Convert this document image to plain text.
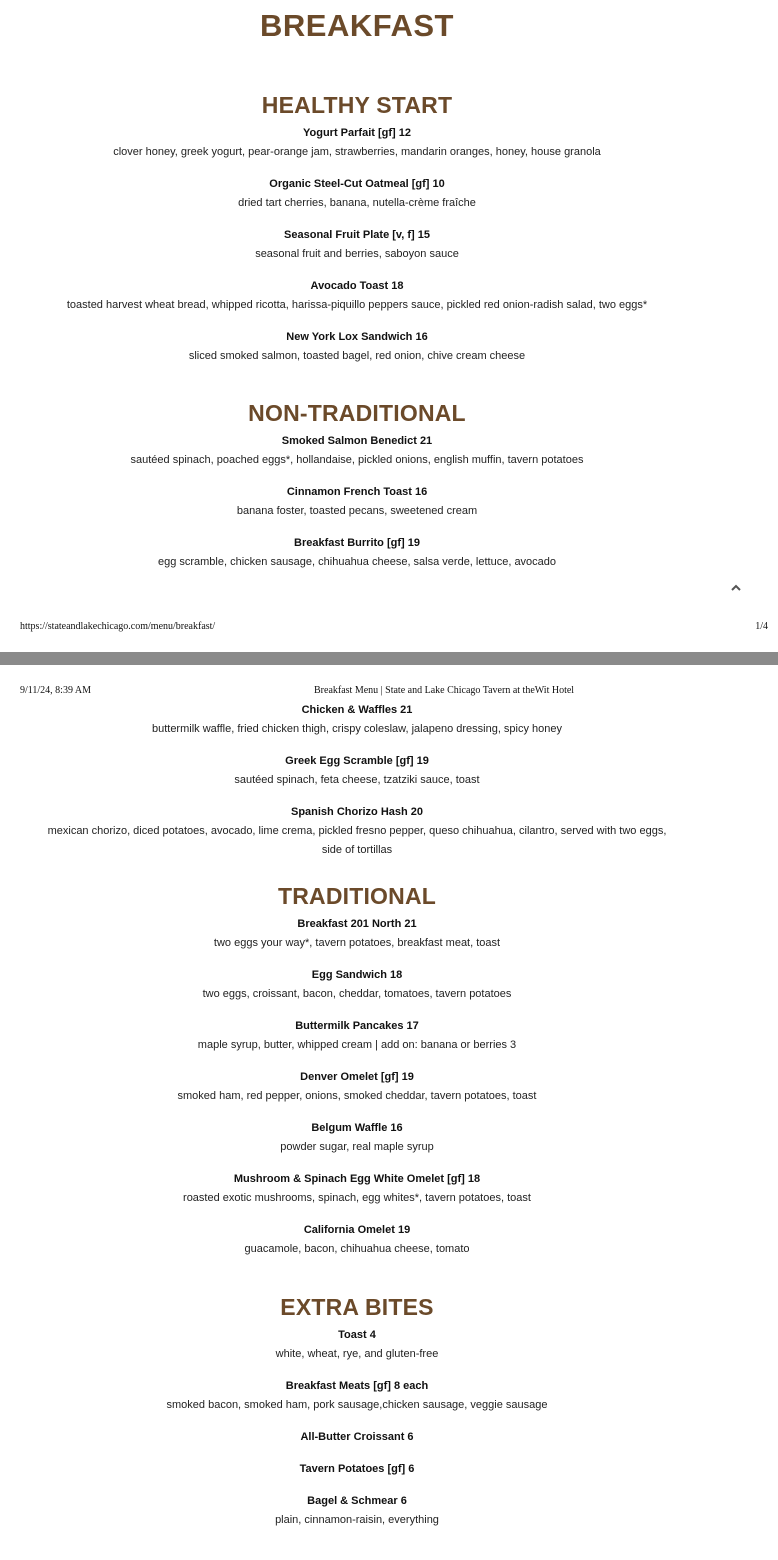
BREAKFAST
HEALTHY START
Yogurt Parfait [gf] 12
clover honey, greek yogurt, pear-orange jam, strawberries, mandarin oranges, honey, house granola
Organic Steel-Cut Oatmeal [gf] 10
dried tart cherries, banana, nutella-crème fraîche
Seasonal Fruit Plate [v, f] 15
seasonal fruit and berries, saboyon sauce
Avocado Toast 18
toasted harvest wheat bread, whipped ricotta, harissa-piquillo peppers sauce, pickled red onion-radish salad, two eggs*
New York Lox Sandwich 16
sliced smoked salmon, toasted bagel, red onion, chive cream cheese
NON-TRADITIONAL
Smoked Salmon Benedict 21
sautéed spinach, poached eggs*, hollandaise, pickled onions, english muffin, tavern potatoes
Cinnamon French Toast 16
banana foster, toasted pecans, sweetened cream
Breakfast Burrito [gf] 19
egg scramble, chicken sausage, chihuahua cheese, salsa verde, lettuce, avocado
https://stateandlakechicago.com/menu/breakfast/	1/4
9/11/24, 8:39 AM	Breakfast Menu | State and Lake Chicago Tavern at theWit Hotel
Chicken & Waffles 21
buttermilk waffle, fried chicken thigh, crispy coleslaw, jalapeno dressing, spicy honey
Greek Egg Scramble [gf] 19
sautéed spinach, feta cheese, tzatziki sauce, toast
Spanish Chorizo Hash 20
mexican chorizo, diced potatoes, avocado, lime crema, pickled fresno pepper, queso chihuahua, cilantro, served with two eggs, side of tortillas
TRADITIONAL
Breakfast 201 North 21
two eggs your way*, tavern potatoes, breakfast meat, toast
Egg Sandwich 18
two eggs, croissant, bacon, cheddar, tomatoes, tavern potatoes
Buttermilk Pancakes 17
maple syrup, butter, whipped cream | add on: banana or berries 3
Denver Omelet [gf] 19
smoked ham, red pepper, onions, smoked cheddar, tavern potatoes, toast
Belgum Waffle 16
powder sugar, real maple syrup
Mushroom & Spinach Egg White Omelet [gf] 18
roasted exotic mushrooms, spinach, egg whites*, tavern potatoes, toast
California Omelet 19
guacamole, bacon, chihuahua cheese, tomato
EXTRA BITES
Toast 4
white, wheat, rye, and gluten-free
Breakfast Meats [gf] 8 each
smoked bacon, smoked ham, pork sausage,chicken sausage, veggie sausage
All-Butter Croissant 6
Tavern Potatoes [gf] 6
Bagel & Schmear 6
plain, cinnamon-raisin, everything
